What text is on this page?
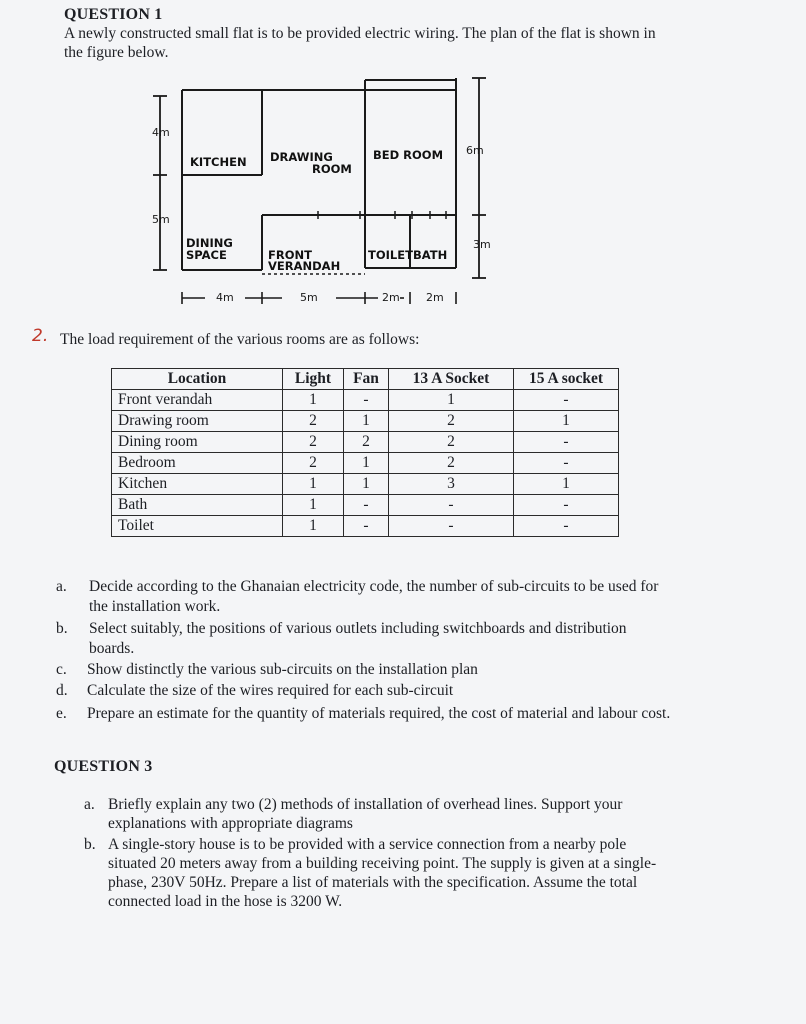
QUESTION 1
A newly constructed small flat is to be provided electric wiring. The plan of the flat is shown in
the figure below.
KITCHEN DRAWING
ROOM
BED ROOM
DINING
SPACE	FRONT
VERANDAH
TOILET BATH
4m
5m
6m
3m
4m	5m	2m 2m
2. The load requirement of the various rooms are as follows:
Location	Light	Fan	13 A Socket	15 A socket
Front verandah	1	-	1	-
Drawing room	2	1	2	1
Dining room	2	2	2	-
Bedroom	2	1	2	-
Kitchen	1	1	3	1
Bath	1	-	-	-
Toilet	1	-	-	-
a.	Decide according to the Ghanaian electricity code, the number of sub-circuits to be used for
the installation work.
b.	Select suitably, the positions of various outlets including switchboards and distribution
boards.
c.	Show distinctly the various sub-circuits on the installation plan
d.	Calculate the size of the wires required for each sub-circuit
e.	Prepare an estimate for the quantity of materials required, the cost of material and labour cost.
QUESTION 3
a. Briefly explain any two (2) methods of installation of overhead lines. Support your
explanations with appropriate diagrams
b. A single-story house is to be provided with a service connection from a nearby pole
situated 20 meters away from a building receiving point. The supply is given at a single-
phase, 230V 50Hz. Prepare a list of materials with the specification. Assume the total
connected load in the hose is 3200 W.
